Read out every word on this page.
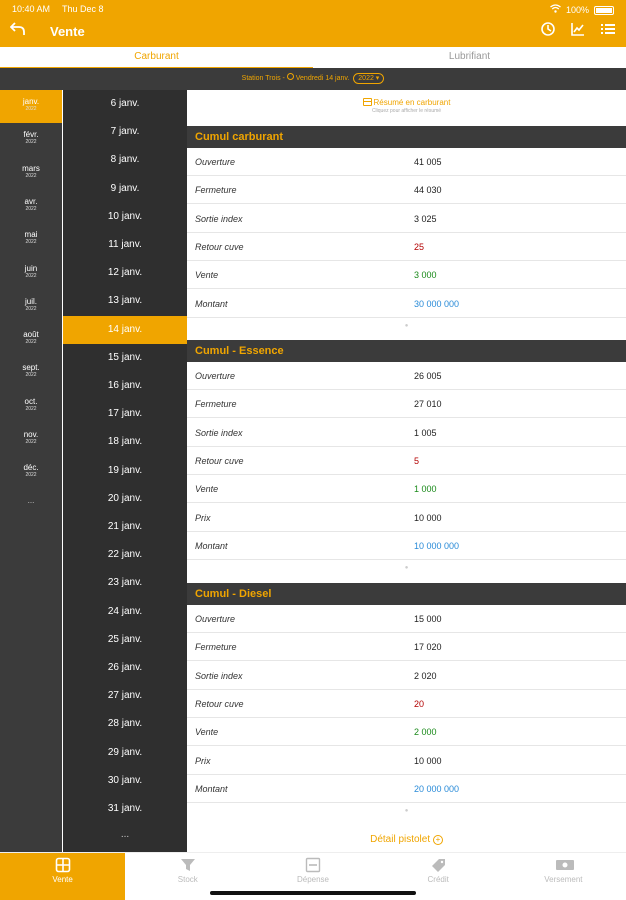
10:40 AM Thu Dec 8	100%
Vente
Carburant	Lubrifiant
Station Trois -  Vendredi 14 janv. 2022 ▾
janv.
2022
févr.
2022
mars
2022
avr.
2022
mai
2022
juin
2022
juil.
2022
août
2022
sept.
2022
oct.
2022
nov.
2022
déc.
2022
...
6 janv.
7 janv.
8 janv.
9 janv.
10 janv.
11 janv.
12 janv.
13 janv.
14 janv.
15 janv.
16 janv.
17 janv.
18 janv.
19 janv.
20 janv.
21 janv.
22 janv.
23 janv.
24 janv.
25 janv.
26 janv.
27 janv.
28 janv.
29 janv.
30 janv.
31 janv.
...
Résumé en carburant
Cliquez pour afficher le résumé
Détail pistolet +
Cumul carburant
Ouverture	41 005
Fermeture	44 030
Sortie index	3 025
Retour cuve	25
Vente	3 000
Montant	30 000 000
●
Cumul - Essence
Ouverture	26 005
Fermeture	27 010
Sortie index	1 005
Retour cuve	5
Vente	1 000
Prix	10 000
Montant	10 000 000
●
Cumul - Diesel
Ouverture	15 000
Fermeture	17 020
Sortie index	2 020
Retour cuve	20
Vente	2 000
Prix	10 000
Montant	20 000 000
●
Vente	Stock	Dépense	Crédit	Versement
